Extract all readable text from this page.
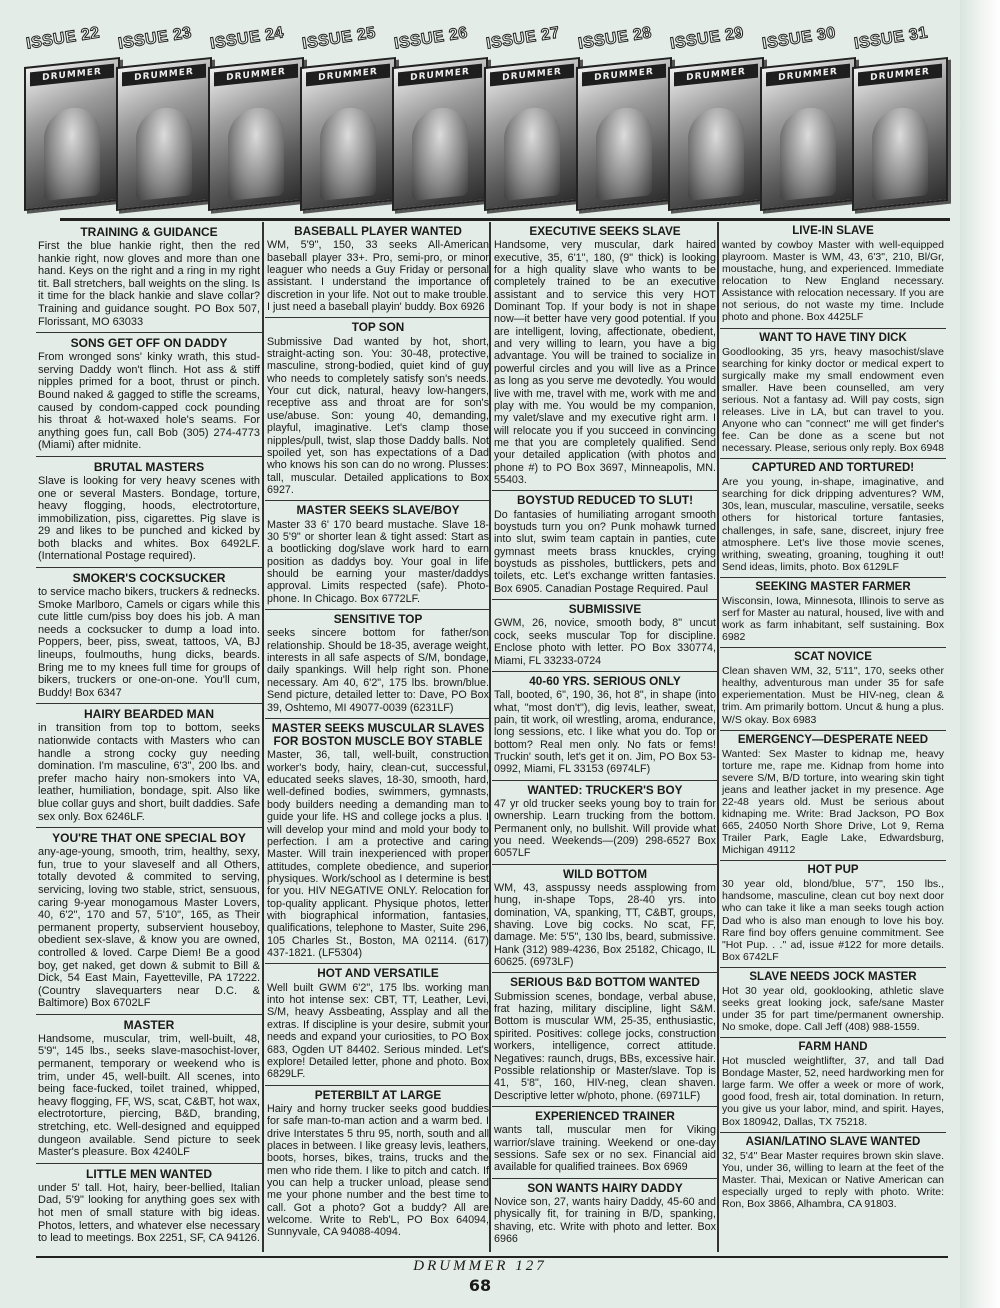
ISSUE 22
DRUMMER
ISSUE 23
DRUMMER
ISSUE 24
DRUMMER
ISSUE 25
DRUMMER
ISSUE 26
DRUMMER
ISSUE 27
DRUMMER
ISSUE 28
DRUMMER
ISSUE 29
DRUMMER
ISSUE 30
DRUMMER
ISSUE 31
DRUMMER
TRAINING & GUIDANCE
First the blue hankie right, then the red hankie right, now gloves and more than one hand. Keys on the right and a ring in my right tit. Ball stretchers, ball weights on the sling. Is it time for the black hankie and slave collar? Training and guidance sought. PO Box 507, Florissant, MO 63033
SONS GET OFF ON DADDY
From wronged sons' kinky wrath, this stud-serving Daddy won't flinch. Hot ass & stiff nipples primed for a boot, thrust or pinch. Bound naked & gagged to stifle the screams, caused by condom-capped cock pounding his throat & hot-waxed hole's seams. For anything goes fun, call Bob (305) 274-4773 (Miami) after midnite.
BRUTAL MASTERS
Slave is looking for very heavy scenes with one or several Masters. Bondage, torture, heavy flogging, hoods, electrotorture, immobilization, piss, cigarettes. Pig slave is 29 and likes to be punched and kicked by both blacks and whites. Box 6492LF. (International Postage required).
SMOKER'S COCKSUCKER
to service macho bikers, truckers & rednecks. Smoke Marlboro, Camels or cigars while this cute little cum/piss boy does his job. A man needs a cocksucker to dump a load into. Poppers, beer, piss, sweat, tattoos, VA, BJ lineups, foulmouths, hung dicks, beards. Bring me to my knees full time for groups of bikers, truckers or one-on-one. You'll cum, Buddy! Box 6347
HAIRY BEARDED MAN
in transition from top to bottom, seeks nationwide contacts with Masters who can handle a strong cocky guy needing domination. I'm masculine, 6'3", 200 lbs. and prefer macho hairy non-smokers into VA, leather, humiliation, bondage, spit. Also like blue collar guys and short, built daddies. Safe sex only. Box 6246LF.
YOU'RE THAT ONE SPECIAL BOY
any-age-young, smooth, trim, healthy, sexy, fun, true to your slaveself and all Others, totally devoted & commited to serving, servicing, loving two stable, strict, sensuous, caring 9-year monogamous Master Lovers, 40, 6'2", 170 and 57, 5'10", 165, as Their permanent property, subservient houseboy, obedient sex-slave, & know you are owned, controlled & loved. Carpe Diem! Be a good boy, get naked, get down & submit to Bill & Dick, 54 East Main, Fayetteville, PA 17222. (Country slavequarters near D.C. & Baltimore) Box 6702LF
MASTER
Handsome, muscular, trim, well-built, 48, 5'9", 145 lbs., seeks slave-masochist-lover, permanent, temporary or weekend who is trim, under 45, well-built. All scenes, into being face-fucked, toilet trained, whipped, heavy flogging, FF, WS, scat, C&BT, hot wax, electrotorture, piercing, B&D, branding, stretching, etc. Well-designed and equipped dungeon available. Send picture to seek Master's pleasure. Box 4240LF
LITTLE MEN WANTED
under 5' tall. Hot, hairy, beer-bellied, Italian Dad, 5'9" looking for anything goes sex with hot men of small stature with big ideas. Photos, letters, and whatever else necessary to lead to meetings. Box 2251, SF, CA 94126.
BASEBALL PLAYER WANTED
WM, 5'9", 150, 33 seeks All-American baseball player 33+. Pro, semi-pro, or minor leaguer who needs a Guy Friday or personal assistant. I understand the importance of discretion in your life. Not out to make trouble. I just need a baseball playin' buddy. Box 6926
TOP SON
Submissive Dad wanted by hot, short, straight-acting son. You: 30-48, protective, masculine, strong-bodied, quiet kind of guy who needs to completely satisfy son's needs. Your cut dick, natural, heavy low-hangers, receptive ass and throat are for son's use/abuse. Son: young 40, demanding, playful, imaginative. Let's clamp those nipples/pull, twist, slap those Daddy balls. Not spoiled yet, son has expectations of a Dad who knows his son can do no wrong. Plusses: tall, muscular. Detailed applications to Box 6927.
MASTER SEEKS SLAVE/BOY
Master 33 6' 170 beard mustache. Slave 18-30 5'9" or shorter lean & tight assed: Start as a bootlicking dog/slave work hard to earn position as daddys boy. Your goal in life should be earning your master/daddys approval. Limits respected (safe). Photo-phone. In Chicago. Box 6772LF.
SENSITIVE TOP
seeks sincere bottom for father/son relationship. Should be 18-35, average weight, interests in all safe aspects of S/M, bondage, daily spankings. Will help right son. Phone necessary. Am 40, 6'2", 175 lbs. brown/blue. Send picture, detailed letter to: Dave, PO Box 39, Oshtemo, MI 49077-0039 (6231LF)
MASTER SEEKS MUSCULAR SLAVES FOR BOSTON MUSCLE BOY STABLE
Master, 36, tall, well-built, construction worker's body, hairy, clean-cut, successful, educated seeks slaves, 18-30, smooth, hard, well-defined bodies, swimmers, gymnasts, body builders needing a demanding man to guide your life. HS and college jocks a plus. I will develop your mind and mold your body to perfection. I am a protective and caring Master. Will train inexperienced with proper attitudes, complete obedience, and superior physiques. Work/school as I determine is best for you. HIV NEGATIVE ONLY. Relocation for top-quality applicant. Physique photos, letter with biographical information, fantasies, qualifications, telephone to Master, Suite 296, 105 Charles St., Boston, MA 02114. (617) 437-1821. (LF5304)
HOT AND VERSATILE
Well built GWM 6'2", 175 lbs. working man into hot intense sex: CBT, TT, Leather, Levi, S/M, heavy Assbeating, Assplay and all the extras. If discipline is your desire, submit your needs and expand your curiosities, to PO Box 683, Ogden UT 84402. Serious minded. Let's explore! Detailed letter, phone and photo. Box 6829LF.
PETERBILT AT LARGE
Hairy and horny trucker seeks good buddies for safe man-to-man action and a warm bed. I drive Interstates 5 thru 95, north, south and all places in between. I like greasy levis, leathers, boots, horses, bikes, trains, trucks and the men who ride them. I like to pitch and catch. If you can help a trucker unload, please send me your phone number and the best time to call. Got a photo? Got a buddy? All are welcome. Write to Reb'L, PO Box 64094, Sunnyvale, CA 94088-4094.
EXECUTIVE SEEKS SLAVE
Handsome, very muscular, dark haired executive, 35, 6'1", 180, (9" thick) is looking for a high quality slave who wants to be completely trained to be an executive assistant and to service this very HOT Dominant Top. If your body is not in shape now—it better have very good potential. If you are intelligent, loving, affectionate, obedient, and very willing to learn, you have a big advantage. You will be trained to socialize in powerful circles and you will live as a Prince as long as you serve me devotedly. You would live with me, travel with me, work with me and play with me. You would be my companion, my valet/slave and my executive right arm. I will relocate you if you succeed in convincing me that you are completely qualified. Send your detailed application (with photos and phone #) to PO Box 3697, Minneapolis, MN. 55403.
BOYSTUD REDUCED TO SLUT!
Do fantasies of humiliating arrogant smooth boystuds turn you on? Punk mohawk turned into slut, swim team captain in panties, cute gymnast meets brass knuckles, crying boystuds as pissholes, buttlickers, pets and toilets, etc. Let's exchange written fantasies. Box 6905. Canadian Postage Required. Paul
SUBMISSIVE
GWM, 26, novice, smooth body, 8" uncut cock, seeks muscular Top for discipline. Enclose photo with letter. PO Box 330774, Miami, FL 33233-0724
40-60 YRS. SERIOUS ONLY
Tall, booted, 6", 190, 36, hot 8", in shape (into what, "most don't"), dig levis, leather, sweat, pain, tit work, oil wrestling, aroma, endurance, long sessions, etc. I like what you do. Top or bottom? Real men only. No fats or fems! Truckin' south, let's get it on. Jim, PO Box 53-0992, Miami, FL 33153 (6974LF)
WANTED: TRUCKER'S BOY
47 yr old trucker seeks young boy to train for ownership. Learn trucking from the bottom. Permanent only, no bullshit. Will provide what you need. Weekends—(209) 298-6527 Box 6057LF
WILD BOTTOM
WM, 43, asspussy needs assplowing from hung, in-shape Tops, 28-40 yrs. into domination, VA, spanking, TT, C&BT, groups, shaving. Love big cocks. No scat, FF, damage. Me: 5'5", 130 lbs, beard, submissive. Hank (312) 989-4236, Box 25182, Chicago, IL 60625. (6973LF)
SERIOUS B&D BOTTOM WANTED
Submission scenes, bondage, verbal abuse, frat hazing, military discipline, light S&M. Bottom is muscular WM, 25-35, enthusiastic, spirited. Positives: college jocks, construction workers, intelligence, correct attitude. Negatives: raunch, drugs, BBs, excessive hair. Possible relationship or Master/slave. Top is 41, 5'8", 160, HIV-neg, clean shaven. Descriptive letter w/photo, phone. (6971LF)
EXPERIENCED TRAINER
wants tall, muscular men for Viking warrior/slave training. Weekend or one-day sessions. Safe sex or no sex. Financial aid available for qualified trainees. Box 6969
SON WANTS HAIRY DADDY
Novice son, 27, wants hairy Daddy, 45-60 and physically fit, for training in B/D, spanking, shaving, etc. Write with photo and letter. Box 6966
LIVE-IN SLAVE
wanted by cowboy Master with well-equipped playroom. Master is WM, 43, 6'3", 210, Bl/Gr, moustache, hung, and experienced. Immediate relocation to New England necessary. Assistance with relocation necessary. If you are not serious, do not waste my time. Include photo and phone. Box 4425LF
WANT TO HAVE TINY DICK
Goodlooking, 35 yrs, heavy masochist/slave searching for kinky doctor or medical expert to surgically make my small endowment even smaller. Have been counselled, am very serious. Not a fantasy ad. Will pay costs, sign releases. Live in LA, but can travel to you. Anyone who can "connect" me will get finder's fee. Can be done as a scene but not necessary. Please, serious only reply. Box 6948
CAPTURED AND TORTURED!
Are you young, in-shape, imaginative, and searching for dick dripping adventures? WM, 30s, lean, muscular, masculine, versatile, seeks others for historical torture fantasies, challenges, in safe, sane, discreet, injury free atmosphere. Let's live those movie scenes, writhing, sweating, groaning, toughing it out! Send ideas, limits, photo. Box 6129LF
SEEKING MASTER FARMER
Wisconsin, Iowa, Minnesota, Illinois to serve as serf for Master au natural, housed, live with and work as farm inhabitant, self sustaining. Box 6982
SCAT NOVICE
Clean shaven WM, 32, 5'11", 170, seeks other healthy, adventurous man under 35 for safe experiementation. Must be HIV-neg, clean & trim. Am primarily bottom. Uncut & hung a plus. W/S okay. Box 6983
EMERGENCY—DESPERATE NEED
Wanted: Sex Master to kidnap me, heavy torture me, rape me. Kidnap from home into severe S/M, B/D torture, into wearing skin tight jeans and leather jacket in my presence. Age 22-48 years old. Must be serious about kidnaping me. Write: Brad Jackson, PO Box 665, 24050 North Shore Drive, Lot 9, Rema Trailer Park, Eagle Lake, Edwardsburg, Michigan 49112
HOT PUP
30 year old, blond/blue, 5'7", 150 lbs., handsome, masculine, clean cut boy next door who can take it like a man seeks tough action Dad who is also man enough to love his boy. Rare find boy offers genuine commitment. See "Hot Pup. . ." ad, issue #122 for more details. Box 6742LF
SLAVE NEEDS JOCK MASTER
Hot 30 year old, gooklooking, athletic slave seeks great looking jock, safe/sane Master under 35 for part time/permanent ownership. No smoke, dope. Call Jeff (408) 988-1559.
FARM HAND
Hot muscled weightlifter, 37, and tall Dad Bondage Master, 52, need hardworking men for large farm. We offer a week or more of work, good food, fresh air, total domination. In return, you give us your labor, mind, and spirit. Hayes, Box 180942, Dallas, TX 75218.
ASIAN/LATINO SLAVE WANTED
32, 5'4" Bear Master requires brown skin slave. You, under 36, willing to learn at the feet of the Master. Thai, Mexican or Native American can especially urged to reply with photo. Write: Ron, Box 3866, Alhambra, CA 91803.
DRUMMER 127
68
